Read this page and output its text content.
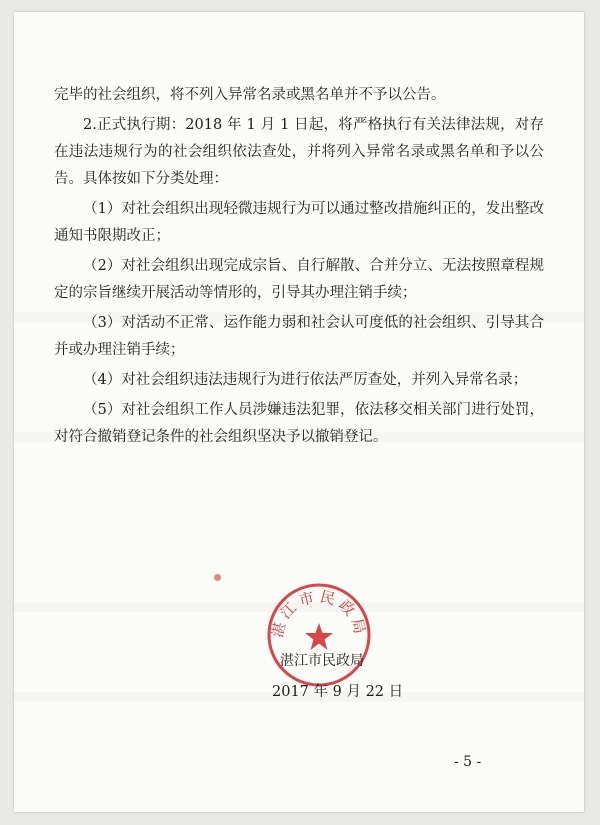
完毕的社会组织，将不列入异常名录或黑名单并不予以公告。

2.正式执行期：2018 年 1 月 1 日起，将严格执行有关法律法规，对存在违法违规行为的社会组织依法查处，并将列入异常名录或黑名单和予以公告。具体按如下分类处理：

（1）对社会组织出现轻微违规行为可以通过整改措施纠正的，发出整改通知书限期改正；

（2）对社会组织出现完成宗旨、自行解散、合并分立、无法按照章程规定的宗旨继续开展活动等情形的，引导其办理注销手续；

（3）对活动不正常、运作能力弱和社会认可度低的社会组织、引导其合并或办理注销手续；

（4）对社会组织违法违规行为进行依法严厉查处，并列入异常名录；

（5）对社会组织工作人员涉嫌违法犯罪，依法移交相关部门进行处罚，对符合撤销登记条件的社会组织坚决予以撤销登记。

湛江市民政局
湛江市民政局
2017 年 9 月 22 日
- 5 -
